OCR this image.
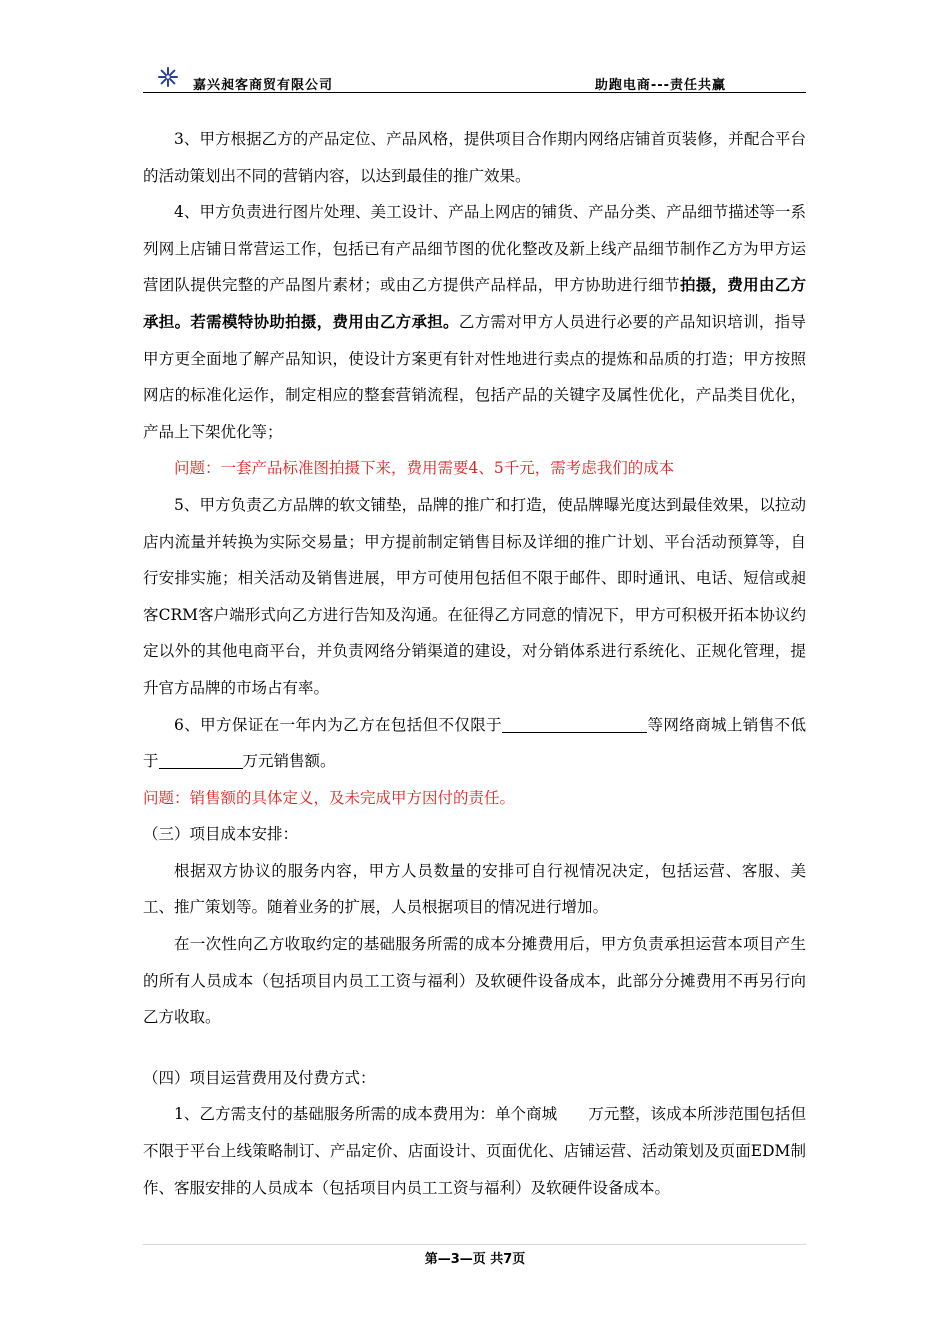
嘉兴昶客商贸有限公司	助跑电商---责任共赢

3、甲方根据乙方的产品定位、产品风格，提供项目合作期内网络店铺首页装修，并配合平台的活动策划出不同的营销内容，以达到最佳的推广效果。

4、甲方负责进行图片处理、美工设计、产品上网店的铺货、产品分类、产品细节描述等一系列网上店铺日常营运工作，包括已有产品细节图的优化整改及新上线产品细节制作乙方为甲方运营团队提供完整的产品图片素材；或由乙方提供产品样品，甲方协助进行细节拍摄，费用由乙方承担。若需模特协助拍摄，费用由乙方承担。乙方需对甲方人员进行必要的产品知识培训，指导甲方更全面地了解产品知识，使设计方案更有针对性地进行卖点的提炼和品质的打造；甲方按照网店的标准化运作，制定相应的整套营销流程，包括产品的关键字及属性优化，产品类目优化，产品上下架优化等；

问题：一套产品标准图拍摄下来，费用需要4、5千元，需考虑我们的成本

5、甲方负责乙方品牌的软文铺垫，品牌的推广和打造，使品牌曝光度达到最佳效果，以拉动店内流量并转换为实际交易量；甲方提前制定销售目标及详细的推广计划、平台活动预算等，自行安排实施；相关活动及销售进展，甲方可使用包括但不限于邮件、即时通讯、电话、短信或昶客CRM客户端形式向乙方进行告知及沟通。在征得乙方同意的情况下，甲方可积极开拓本协议约定以外的其他电商平台，并负责网络分销渠道的建设，对分销体系进行系统化、正规化管理，提升官方品牌的市场占有率。

6、甲方保证在一年内为乙方在包括但不仅限于	等网络商城上销售不低于	万元销售额。

问题：销售额的具体定义，及未完成甲方因付的责任。

（三）项目成本安排：

根据双方协议的服务内容，甲方人员数量的安排可自行视情况决定，包括运营、客服、美工、推广策划等。随着业务的扩展，人员根据项目的情况进行增加。

在一次性向乙方收取约定的基础服务所需的成本分摊费用后，甲方负责承担运营本项目产生的所有人员成本（包括项目内员工工资与福利）及软硬件设备成本，此部分分摊费用不再另行向乙方收取。

（四）项目运营费用及付费方式：

1、乙方需支付的基础服务所需的成本费用为：单个商城　　万元整，该成本所涉范围包括但不限于平台上线策略制订、产品定价、店面设计、页面优化、店铺运营、活动策划及页面EDM制作、客服安排的人员成本（包括项目内员工工资与福利）及软硬件设备成本。

第—3—页 共7页
